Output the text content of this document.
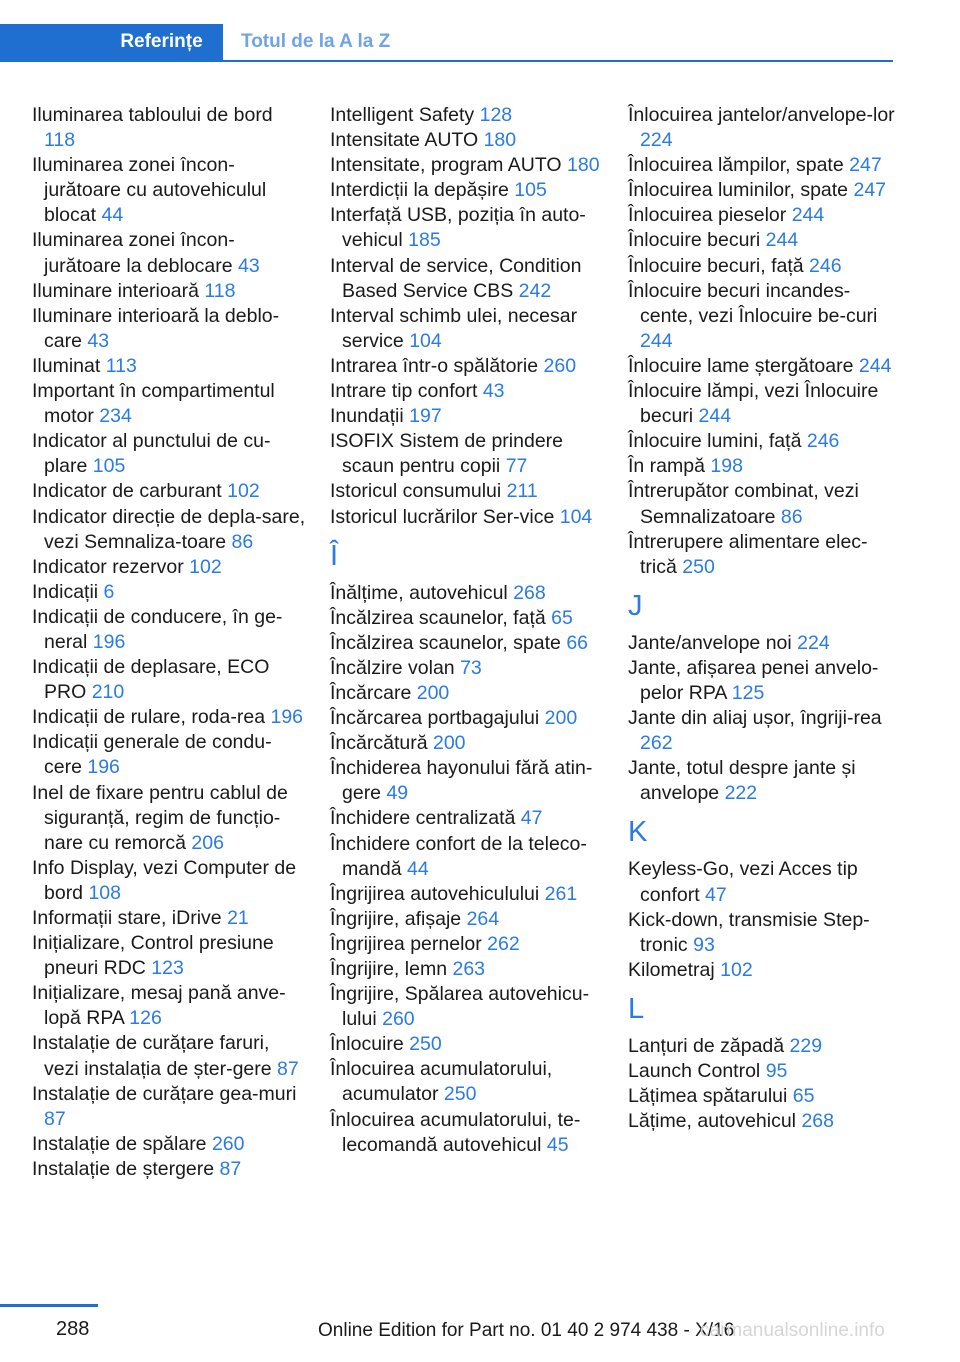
Referințe	Totul de la A la Z
Iluminarea tabloului de bord 118
Iluminarea zonei încon‐jurătoare cu autovehiculul blocat 44
Iluminarea zonei încon‐jurătoare la deblocare 43
Iluminare interioară 118
Iluminare interioară la deblo‐care 43
Iluminat 113
Important în compartimentul motor 234
Indicator al punctului de cu‐plare 105
Indicator de carburant 102
Indicator direcție de depla‐sare, vezi Semnaliza‐toare 86
Indicator rezervor 102
Indicații 6
Indicații de conducere, în ge‐neral 196
Indicații de deplasare, ECO PRO 210
Indicații de rulare, roda‐rea 196
Indicații generale de condu‐cere 196
Inel de fixare pentru cablul de siguranță, regim de funcțio‐nare cu remorcă 206
Info Display, vezi Computer de bord 108
Informații stare, iDrive 21
Inițializare, Control presiune pneuri RDC 123
Inițializare, mesaj pană anve‐lopă RPA 126
Instalație de curățare faruri, vezi instalația de șter‐gere 87
Instalație de curățare gea‐muri 87
Instalație de spălare 260
Instalație de ștergere 87
Intelligent Safety 128
Intensitate AUTO 180
Intensitate, program AUTO 180
Interdicții la depășire 105
Interfață USB, poziția în auto‐vehicul 185
Interval de service, Condition Based Service CBS 242
Interval schimb ulei, necesar service 104
Intrarea într-o spălătorie 260
Intrare tip confort 43
Inundații 197
ISOFIX Sistem de prindere scaun pentru copii 77
Istoricul consumului 211
Istoricul lucrărilor Ser‐vice 104
Î
Înălțime, autovehicul 268
Încălzirea scaunelor, față 65
Încălzirea scaunelor, spate 66
Încălzire volan 73
Încărcare 200
Încărcarea portbagajului 200
Încărcătură 200
Închiderea hayonului fără atin‐gere 49
Închidere centralizată 47
Închidere confort de la teleco‐mandă 44
Îngrijirea autovehiculului 261
Îngrijire, afișaje 264
Îngrijirea pernelor 262
Îngrijire, lemn 263
Îngrijire, Spălarea autovehicu‐lului 260
Înlocuire 250
Înlocuirea acumulatorului, acumulator 250
Înlocuirea acumulatorului, te‐lecomandă autovehicul 45
Înlocuirea jantelor/anvelope‐lor 224
Înlocuirea lămpilor, spate 247
Înlocuirea luminilor, spate 247
Înlocuirea pieselor 244
Înlocuire becuri 244
Înlocuire becuri, față 246
Înlocuire becuri incandes‐cente, vezi Înlocuire be‐curi 244
Înlocuire lame ștergătoare 244
Înlocuire lămpi, vezi Înlocuire becuri 244
Înlocuire lumini, față 246
În rampă 198
Întrerupător combinat, vezi Semnalizatoare 86
Întrerupere alimentare elec‐trică 250
J
Jante/anvelope noi 224
Jante, afișarea penei anvelo‐pelor RPA 125
Jante din aliaj ușor, îngriji‐rea 262
Jante, totul despre jante și anvelope 222
K
Keyless-Go, vezi Acces tip confort 47
Kick-down, transmisie Step‐tronic 93
Kilometraj 102
L
Lanțuri de zăpadă 229
Launch Control 95
Lățimea spătarului 65
Lățime, autovehicul 268
288	Online Edition for Part no. 01 40 2 974 438 - X/16
carmanualsonline.info
